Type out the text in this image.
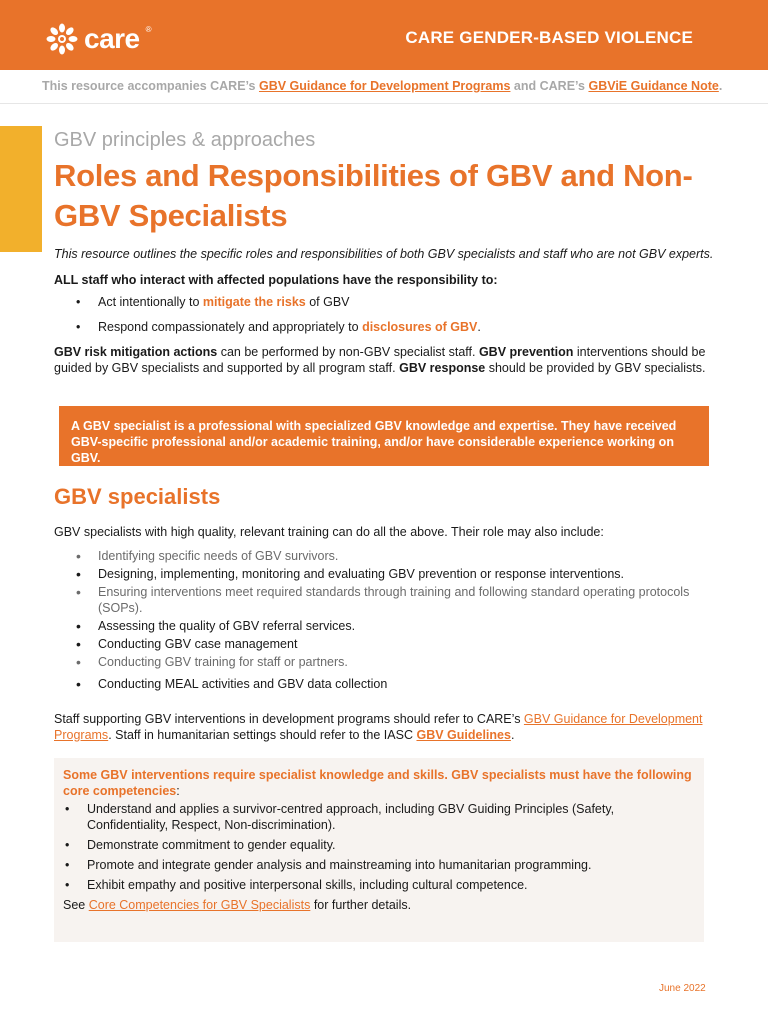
care ®	CARE GENDER-BASED VIOLENCE
This resource accompanies CARE’s GBV Guidance for Development Programs and CARE’s GBViE Guidance Note.
GBV principles & approaches
Roles and Responsibilities of GBV and Non-GBV Specialists
This resource outlines the specific roles and responsibilities of both GBV specialists and staff who are not GBV experts.
ALL staff who interact with affected populations have the responsibility to:
• Act intentionally to mitigate the risks of GBV
• Respond compassionately and appropriately to disclosures of GBV.
GBV risk mitigation actions can be performed by non-GBV specialist staff. GBV prevention interventions should be guided by GBV specialists and supported by all program staff. GBV response should be provided by GBV specialists.
A GBV specialist is a professional with specialized GBV knowledge and expertise. They have received GBV-specific professional and/or academic training, and/or have considerable experience working on GBV.
GBV specialists
GBV specialists with high quality, relevant training can do all the above. Their role may also include:
• Identifying specific needs of GBV survivors.
• Designing, implementing, monitoring and evaluating GBV prevention or response interventions.
• Ensuring interventions meet required standards through training and following standard operating protocols (SOPs).
• Assessing the quality of GBV referral services.
• Conducting GBV case management
• Conducting GBV training for staff or partners.
• Conducting MEAL activities and GBV data collection
Staff supporting GBV interventions in development programs should refer to CARE’s GBV Guidance for Development Programs. Staff in humanitarian settings should refer to the IASC GBV Guidelines.
Some GBV interventions require specialist knowledge and skills. GBV specialists must have the following core competencies:
• Understand and applies a survivor-centred approach, including GBV Guiding Principles (Safety, Confidentiality, Respect, Non-discrimination).
• Demonstrate commitment to gender equality.
• Promote and integrate gender analysis and mainstreaming into humanitarian programming.
• Exhibit empathy and positive interpersonal skills, including cultural competence.
See Core Competencies for GBV Specialists for further details.
June 2022
